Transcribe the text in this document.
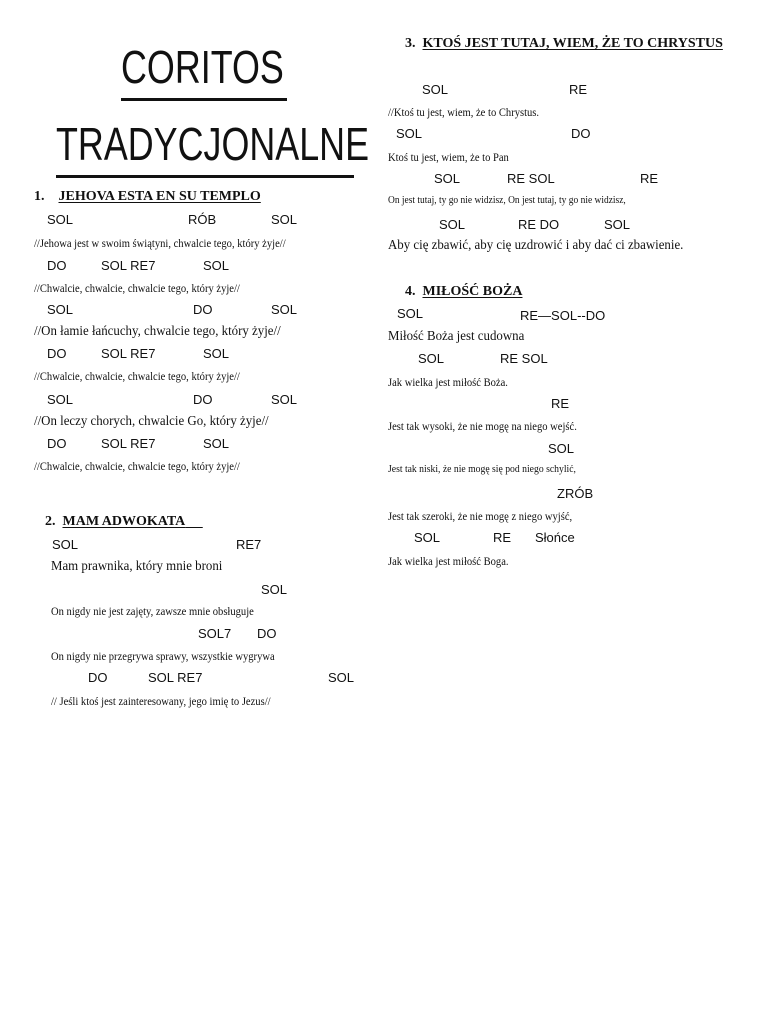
CORITOS
TRADYCJONALNE
1. JEHOVA ESTA EN SU TEMPLO
SOL	RÓB	SOL
//Jehowa jest w swoim świątyni, chwalcie tego, który żyje//
DO	SOL RE7	SOL
//Chwalcie, chwalcie, chwalcie tego, który żyje//
SOL	DO	SOL
//On łamie łańcuchy, chwalcie tego, który żyje//
DO	SOL RE7	SOL
//Chwalcie, chwalcie, chwalcie tego, który żyje//
SOL	DO	SOL
//On leczy chorych, chwalcie Go, który żyje//
DO	SOL RE7	SOL
//Chwalcie, chwalcie, chwalcie tego, który żyje//
2. MAM ADWOKATA
SOL	RE7
Mam prawnika, który mnie broni
SOL
On nigdy nie jest zajęty, zawsze mnie obsługuje
SOL7 DO
On nigdy nie przegrywa sprawy, wszystkie wygrywa
DO	SOL RE7	SOL
// Jeśli ktoś jest zainteresowany, jego imię to Jezus//
3. KTOŚ JEST TUTAJ, WIEM, ŻE TO CHRYSTUS
SOL	RE
//Ktoś tu jest, wiem, że to Chrystus.
SOL	DO
Ktoś tu jest, wiem, że to Pan
SOL	RE SOL	RE
On jest tutaj, ty go nie widzisz, On jest tutaj, ty go nie widzisz,
SOL	RE DO	SOL
Aby cię zbawić, aby cię uzdrowić i aby dać ci zbawienie.
4. MIŁOŚĆ BOŻA
SOL	RE—SOL--DO
Miłość Boża jest cudowna
SOL	RE SOL
Jak wielka jest miłość Boża.
RE
Jest tak wysoki, że nie mogę na niego wejść.
SOL
Jest tak niski, że nie mogę się pod niego schylić,
ZRÓB
Jest tak szeroki, że nie mogę z niego wyjść,
SOL	RE Słońce
Jak wielka jest miłość Boga.
